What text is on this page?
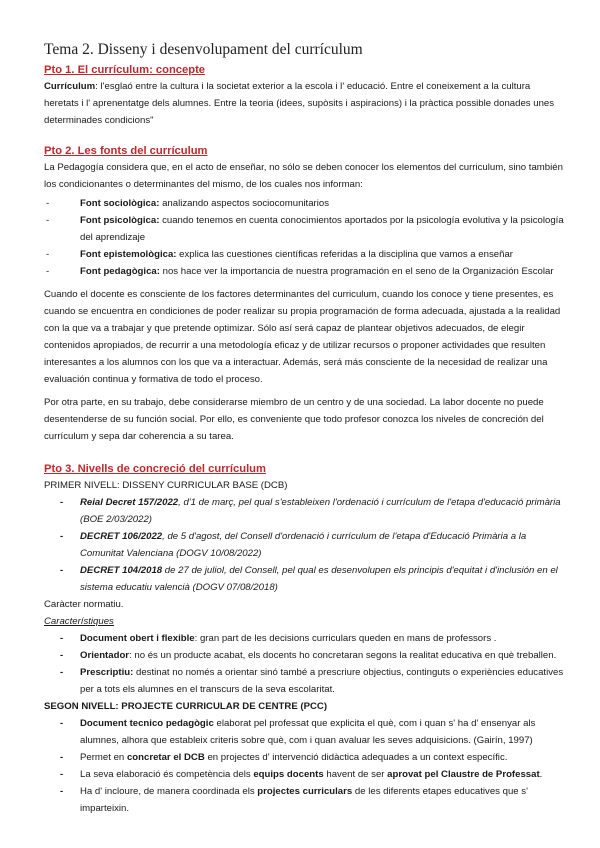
Tema 2. Disseny i desenvolupament del currículum
Pto 1. El currículum: concepte

Currículum: l'esglaó entre la cultura i la societat exterior a la escola i l' educació. Entre el coneixement a la cultura heretats i l' aprenentatge dels alumnes. Entre la teoria (idees, supòsits i aspiracions) i la pràctica possible donades unes determinades condicions"

Pto 2. Les fonts del currículum

La Pedagogía considera que, en el acto de enseñar, no sólo se deben conocer los elementos del curriculum, sino también los condicionantes o determinantes del mismo, de los cuales nos informan:

-	Font sociològica: analizando aspectos sociocomunitarios
-	Font psicològica: cuando tenemos en cuenta conocimientos aportados por la psicología evolutiva y la psicología del aprendizaje
-	Font epistemològica: explica las cuestiones científicas referidas a la disciplina que vamos a enseñar
-	Font pedagògica: nos hace ver la importancia de nuestra programación en el seno de la Organización Escolar

Cuando el docente es consciente de los factores determinantes del curriculum, cuando los conoce y tiene presentes, es cuando se encuentra en condiciones de poder realizar su propia programación de forma adecuada, ajustada a la realidad con la que va a trabajar y que pretende optimizar. Sólo así será capaz de plantear objetivos adecuados, de elegir contenidos apropiados, de recurrir a una metodología eficaz y de utilizar recursos o proponer actividades que resulten interesantes a los alumnos con los que va a interactuar. Además, será más consciente de la necesidad de realizar una evaluación continua y formativa de todo el proceso.

Por otra parte, en su trabajo, debe considerarse miembro de un centro y de una sociedad. La labor docente no puede desentenderse de su función social. Por ello, es conveniente que todo profesor conozca los niveles de concreción del currículum y sepa dar coherencia a su tarea.

Pto 3. Nivells de concreció del currículum

PRIMER NIVELL: DISSENY CURRICULAR BASE (DCB)

- Reial Decret 157/2022, d'1 de març, pel qual s'estableixen l'ordenació i currículum de l'etapa d'educació primària (BOE 2/03/2022)
- DECRET 106/2022, de 5 d'agost, del Consell d'ordenació i currículum de l'etapa d'Educació Primària a la Comunitat Valenciana (DOGV 10/08/2022)
- DECRET 104/2018 de 27 de juliol, del Consell, pel qual es desenvolupen els principis d'equitat i d'inclusión en el sistema educatiu valencià (DOGV 07/08/2018)

Caràcter normatiu.

Característiques

- Document obert i flexible: gran part de les decisions curriculars queden en mans de professors .
- Orientador: no és un producte acabat, els docents ho concretaran segons la realitat educativa en què treballen.
- Prescriptiu: destinat no només a orientar sinó també a prescriure objectius, continguts o experiències educatives per a tots els alumnes en el transcurs de la seva escolaritat.

SEGON NIVELL: PROJECTE CURRICULAR DE CENTRE (PCC)

- Document tecnico pedagògic elaborat pel professat que explicita el què, com i quan s' ha d' ensenyar als alumnes, alhora que estableix criteris sobre què, com i quan avaluar les seves adquisicions. (Gairín, 1997)
- Permet en concretar el DCB en projectes d' intervenció didàctica adequades a un context específic.
- La seva elaboració és competència dels equips docents havent de ser aprovat pel Claustre de Professat.
- Ha d' incloure, de manera coordinada els projectes curriculars de les diferents etapes educatives que s' imparteixin.
